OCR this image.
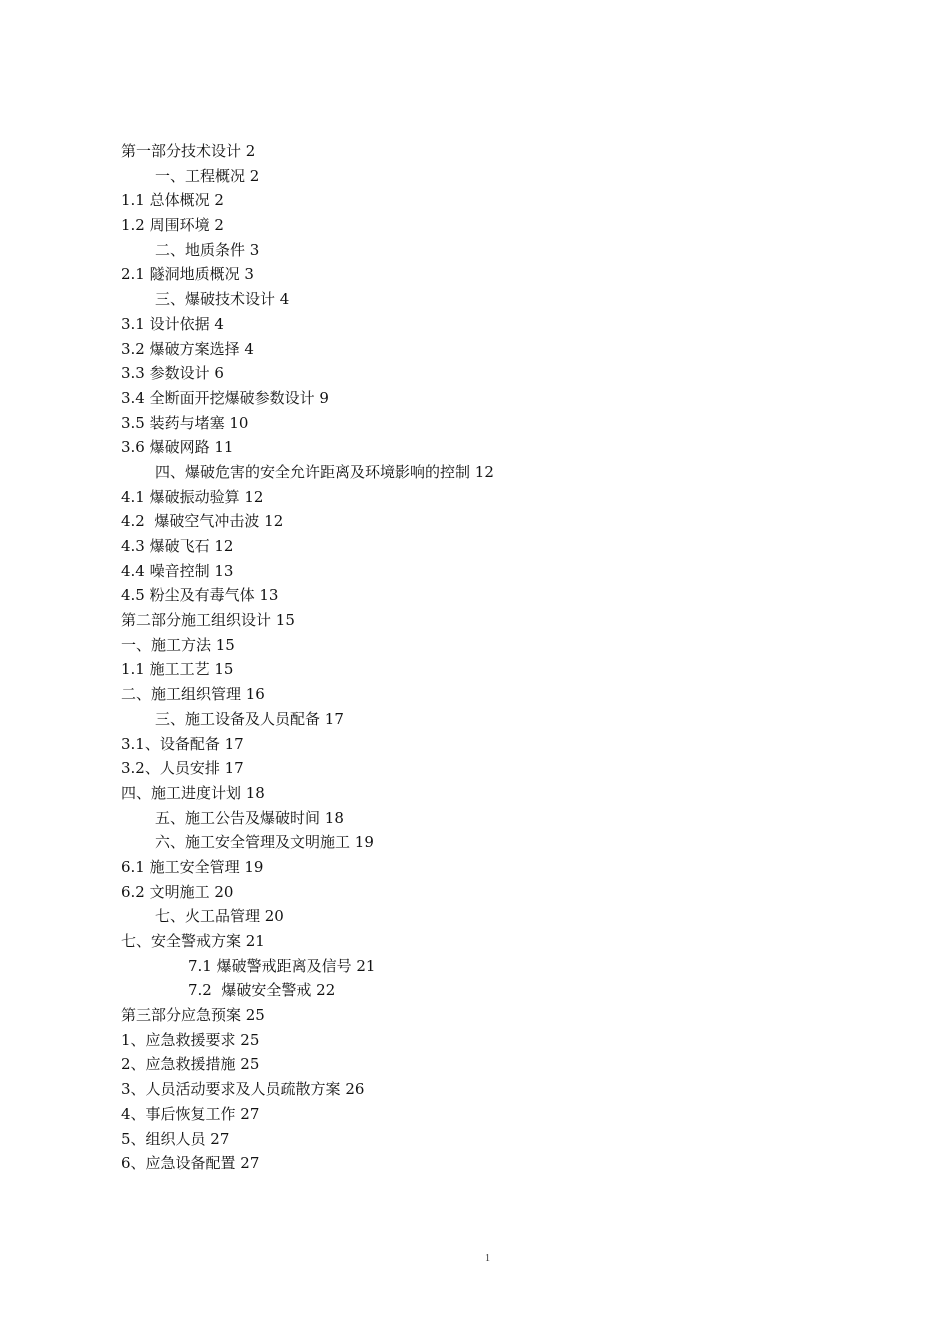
第一部分技术设计 2
一、工程概况 2
1.1 总体概况 2
1.2 周围环境 2
二、地质条件 3
2.1 隧洞地质概况 3
三、爆破技术设计 4
3.1 设计依据 4
3.2 爆破方案选择 4
3.3 参数设计 6
3.4 全断面开挖爆破参数设计 9
3.5 装药与堵塞 10
3.6 爆破网路 11
四、爆破危害的安全允许距离及环境影响的控制 12
4.1 爆破振动验算 12
4.2  爆破空气冲击波 12
4.3 爆破飞石 12
4.4 噪音控制 13
4.5 粉尘及有毒气体 13
第二部分施工组织设计 15
一、施工方法 15
1.1 施工工艺 15
二、施工组织管理 16
三、施工设备及人员配备 17
3.1、设备配备 17
3.2、人员安排 17
四、施工进度计划 18
五、施工公告及爆破时间 18
六、施工安全管理及文明施工 19
6.1 施工安全管理 19
6.2 文明施工 20
七、火工品管理 20
七、安全警戒方案 21
7.1 爆破警戒距离及信号 21
7.2  爆破安全警戒 22
第三部分应急预案 25
1、应急救援要求 25
2、应急救援措施 25
3、人员活动要求及人员疏散方案 26
4、事后恢复工作 27
5、组织人员 27
6、应急设备配置 27
1
